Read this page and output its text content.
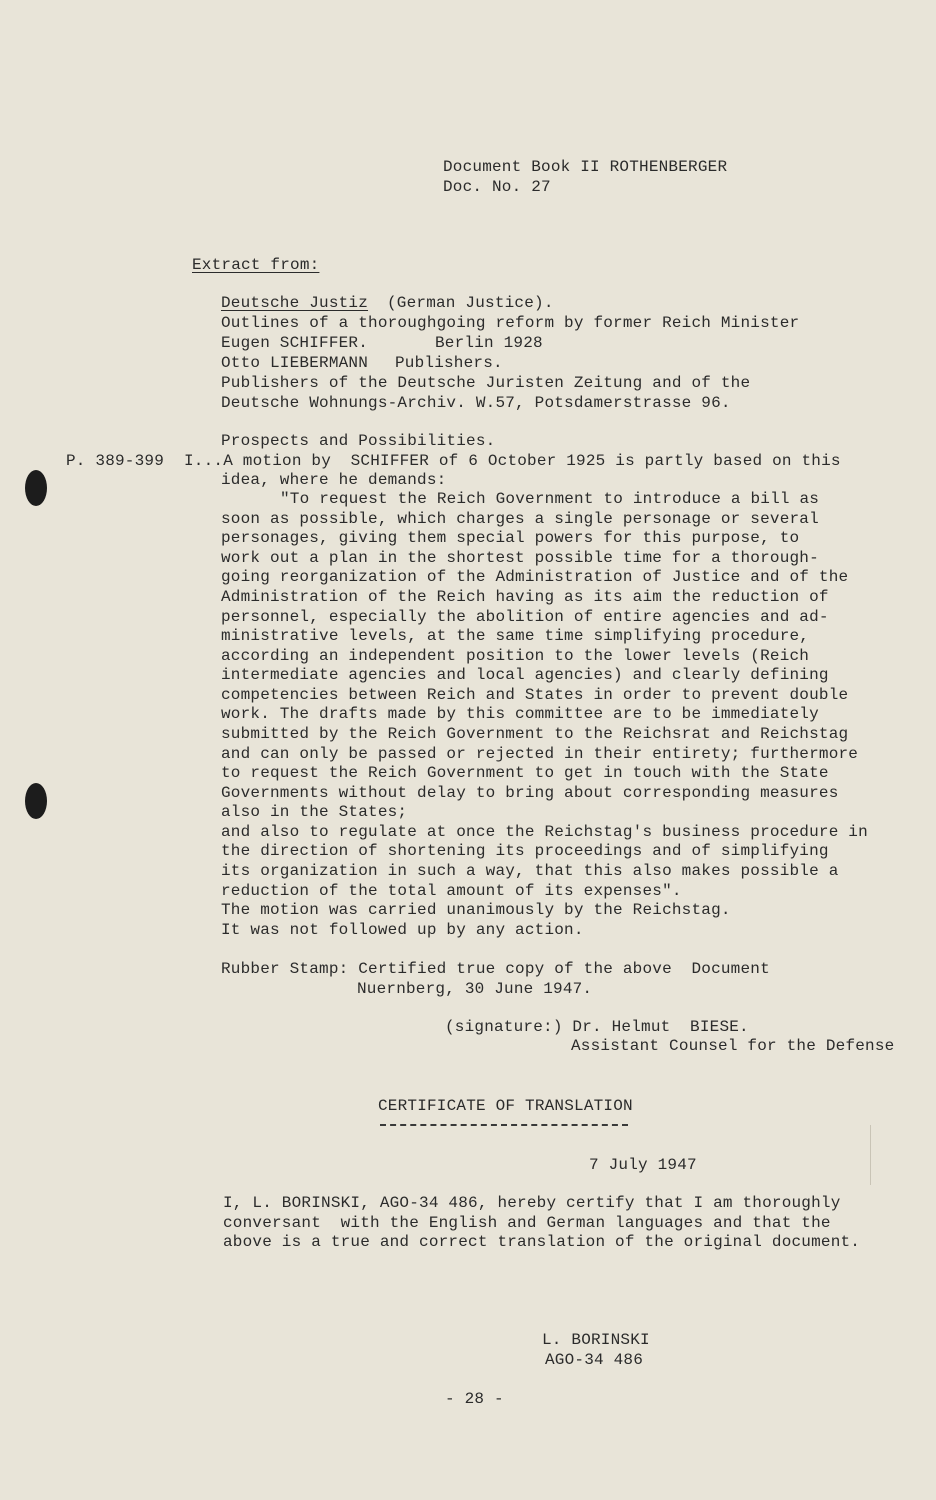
Document Book II ROTHENBERGER
Doc. No. 27
Extract from:
Deutsche Justiz (German Justice).
Outlines of a thoroughgoing reform by former Reich Minister
Eugen SCHIFFER.	Berlin 1928
Otto LIEBERMANN Publishers.
Publishers of the Deutsche Juristen Zeitung and of the
Deutsche Wohnungs-Archiv. W.57, Potsdamerstrasse 96.
Prospects and Possibilities.
P. 389-399 I...A motion by  SCHIFFER of 6 October 1925 is partly based on this
idea, where he demands:
"To request the Reich Government to introduce a bill as
soon as possible, which charges a single personage or several
personages, giving them special powers for this purpose, to
work out a plan in the shortest possible time for a thorough-
going reorganization of the Administration of Justice and of the
Administration of the Reich having as its aim the reduction of
personnel, especially the abolition of entire agencies and ad-
ministrative levels, at the same time simplifying procedure,
according an independent position to the lower levels (Reich
intermediate agencies and local agencies) and clearly defining
competencies between Reich and States in order to prevent double
work. The drafts made by this committee are to be immediately
submitted by the Reich Government to the Reichsrat and Reichstag
and can only be passed or rejected in their entirety; furthermore
to request the Reich Government to get in touch with the State
Governments without delay to bring about corresponding measures
also in the States;
and also to regulate at once the Reichstag's business procedure in
the direction of shortening its proceedings and of simplifying
its organization in such a way, that this also makes possible a
reduction of the total amount of its expenses".
The motion was carried unanimously by the Reichstag.
It was not followed up by any action.
Rubber Stamp: Certified true copy of the above  Document
Nuernberg, 30 June 1947.
(signature:) Dr. Helmut  BIESE.
Assistant Counsel for the Defense
CERTIFICATE OF TRANSLATION
7 July 1947
I, L. BORINSKI, AGO-34 486, hereby certify that I am thoroughly
conversant  with the English and German languages and that the
above is a true and correct translation of the original document.
L. BORINSKI
AGO-34 486
- 28 -
